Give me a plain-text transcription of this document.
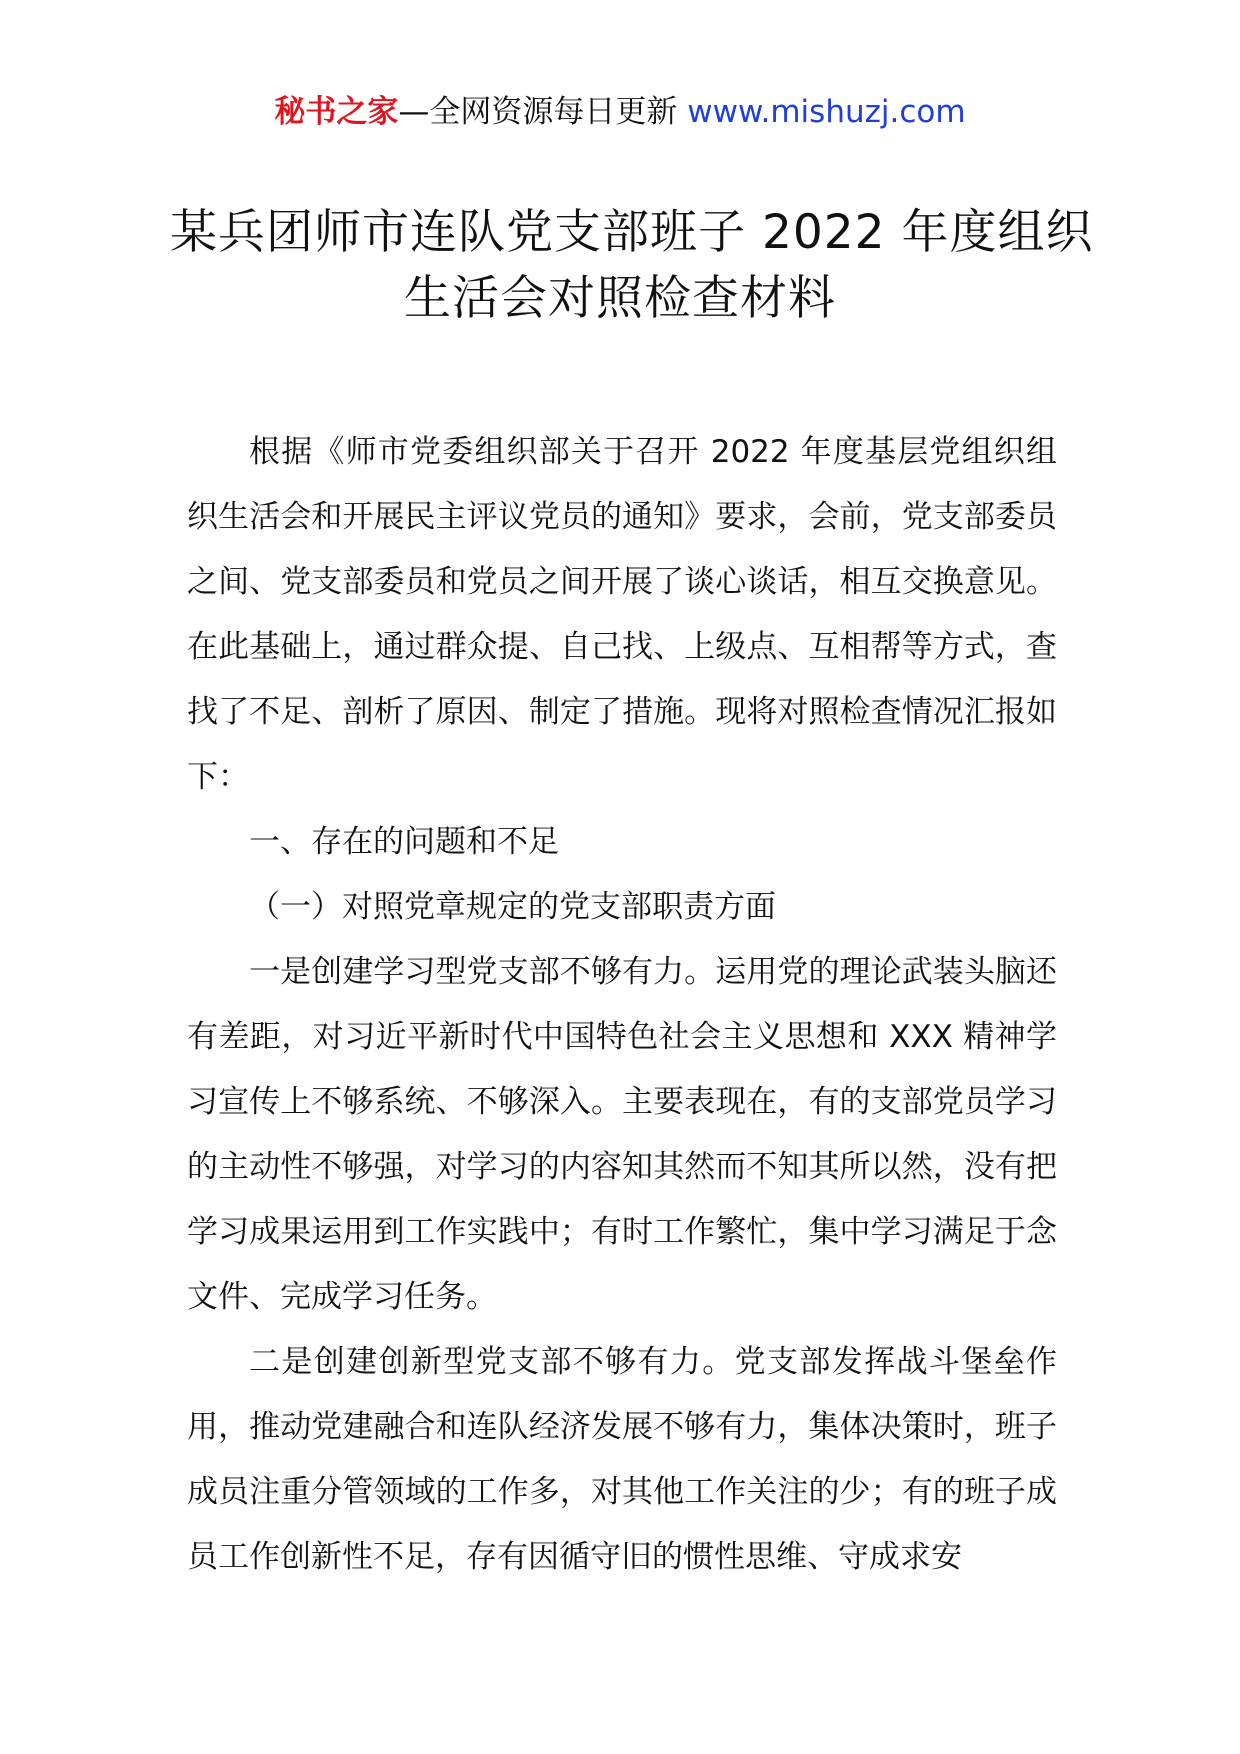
秘书之家—全网资源每日更新 www.mishuzj.com
某兵团师市连队党支部班子 2022 年度组织
生活会对照检查材料

根据《师市党委组织部关于召开 2022 年度基层党组织组织生活会和开展民主评议党员的通知》要求，会前，党支部委员之间、党支部委员和党员之间开展了谈心谈话，相互交换意见。在此基础上，通过群众提、自己找、上级点、互相帮等方式，查找了不足、剖析了原因、制定了措施。现将对照检查情况汇报如下：

一、存在的问题和不足

（一）对照党章规定的党支部职责方面

一是创建学习型党支部不够有力。运用党的理论武装头脑还有差距，对习近平新时代中国特色社会主义思想和 XXX 精神学习宣传上不够系统、不够深入。主要表现在，有的支部党员学习的主动性不够强，对学习的内容知其然而不知其所以然，没有把学习成果运用到工作实践中；有时工作繁忙，集中学习满足于念文件、完成学习任务。

二是创建创新型党支部不够有力。党支部发挥战斗堡垒作用，推动党建融合和连队经济发展不够有力，集体决策时，班子成员注重分管领域的工作多，对其他工作关注的少；有的班子成员工作创新性不足，存有因循守旧的惯性思维、守成求安
